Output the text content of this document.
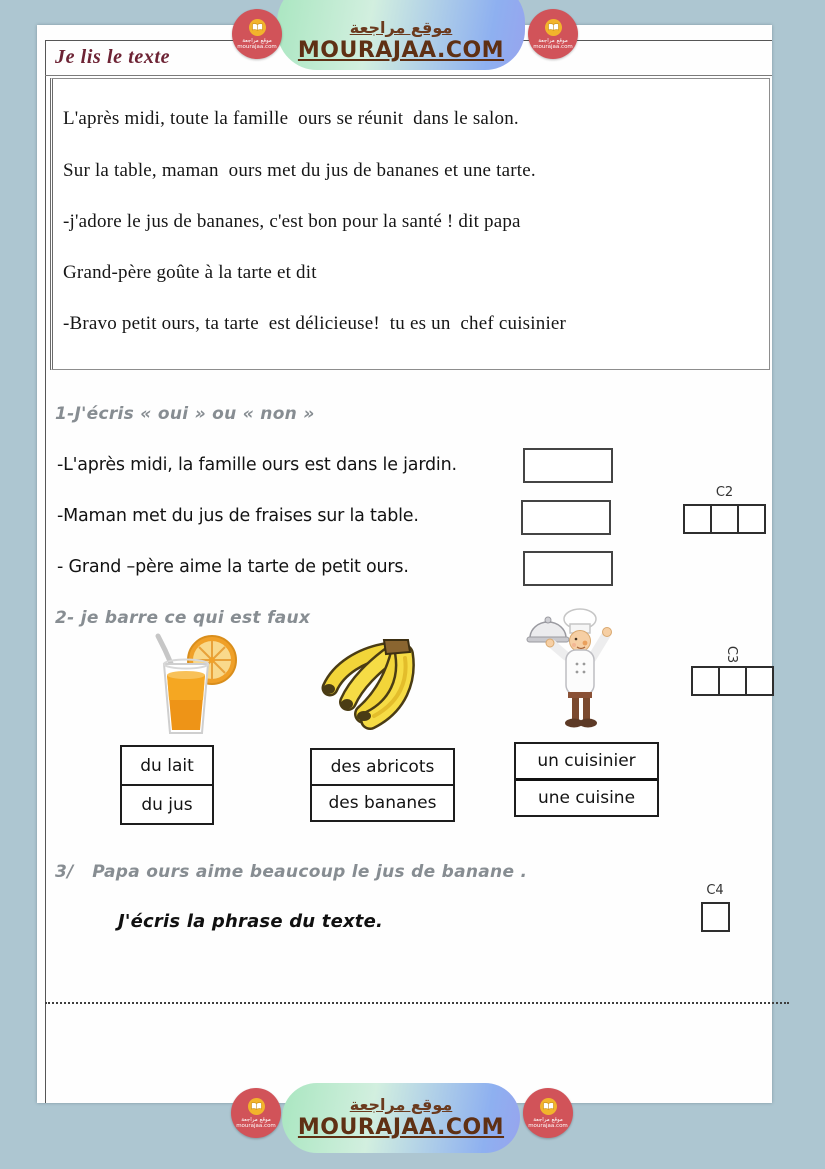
Je lis le texte
L'après midi, toute la famille  ours se réunit  dans le salon.
Sur la table, maman  ours met du jus de bananes et une tarte.
-j'adore le jus de bananes, c'est bon pour la santé ! dit papa
Grand-père goûte à la tarte et dit
-Bravo petit ours, ta tarte  est délicieuse!  tu es un  chef cuisinier
1-J'écris « oui » ou « non »
-L'après midi, la famille ours est dans le jardin.
-Maman met du jus de fraises sur la table.
- Grand –père aime la tarte de petit ours.
C2
2- je barre ce qui est faux
C3
du lait
du jus
des abricots
des bananes
un cuisinier
une cuisine
3/   Papa ours aime beaucoup le jus de banane .
J'écris la phrase du texte.
C4
موقع مراجعة
MOURAJAA.COM
موقع مراجعة
mourajaa.com
موقع مراجعة
mourajaa.com
موقع مراجعة
MOURAJAA.COM
موقع مراجعة
mourajaa.com
موقع مراجعة
mourajaa.com
